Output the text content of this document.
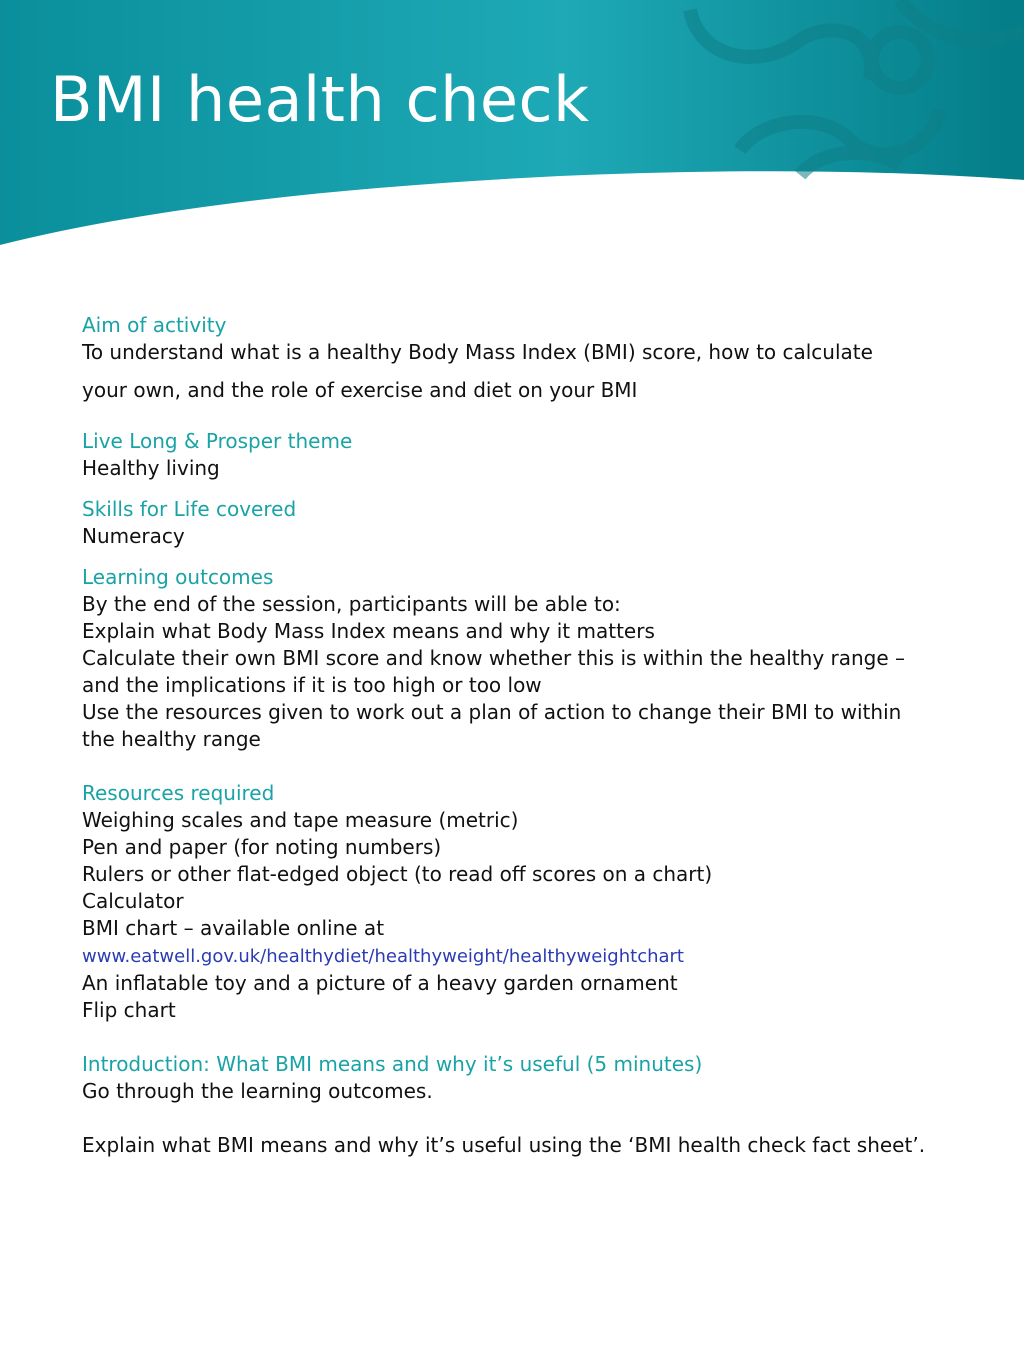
BMI health check

Aim of activity

To understand what is a healthy Body Mass Index (BMI) score, how to calculate

your own, and the role of exercise and diet on your BMI

Live Long & Prosper theme

Healthy living

Skills for Life covered

Numeracy

Learning outcomes

By the end of the session, participants will be able to:

Explain what Body Mass Index means and why it matters

Calculate their own BMI score and know whether this is within the healthy range – and the implications if it is too high or too low

Use the resources given to work out a plan of action to change their BMI to within the healthy range

Resources required

Weighing scales and tape measure (metric)

Pen and paper (for noting numbers)

Rulers or other flat-edged object (to read off scores on a chart)

Calculator

BMI chart – available online at

www.eatwell.gov.uk/healthydiet/healthyweight/healthyweightchart

An inflatable toy and a picture of a heavy garden ornament

Flip chart

Introduction: What BMI means and why it’s useful (5 minutes)

Go through the learning outcomes.

Explain what BMI means and why it’s useful using the ‘BMI health check fact sheet’.
